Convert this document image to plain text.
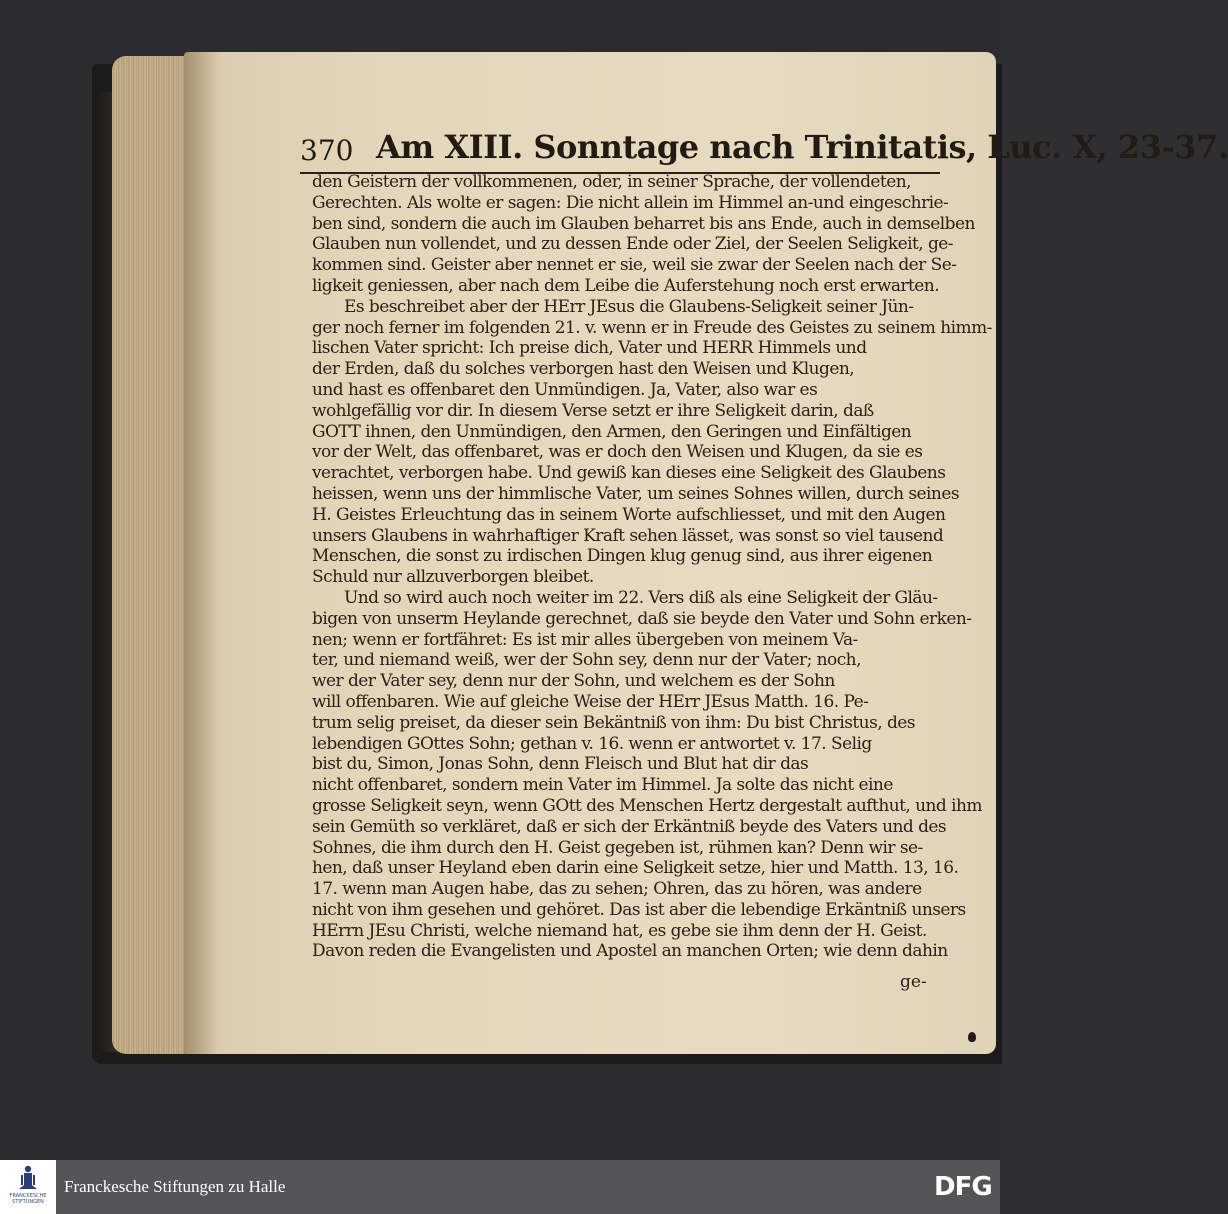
370 Am XIII. Sonntage nach Trinitatis, Luc. X, 23-37.
den Geistern der vollkommenen, oder, in seiner Sprache, der vollendeten,
Gerechten. Als wolte er sagen: Die nicht allein im Himmel an-und eingeschrie-
ben sind, sondern die auch im Glauben beharret bis ans Ende, auch in demselben
Glauben nun vollendet, und zu dessen Ende oder Ziel, der Seelen Seligkeit, ge-
kommen sind. Geister aber nennet er sie, weil sie zwar der Seelen nach der Se-
ligkeit geniessen, aber nach dem Leibe die Auferstehung noch erst erwarten.
Es beschreibet aber der HErr JEsus die Glaubens-Seligkeit seiner Jün-
ger noch ferner im folgenden 21. v. wenn er in Freude des Geistes zu seinem himm-
lischen Vater spricht: Ich preise dich, Vater und HERR Himmels und
der Erden, daß du solches verborgen hast den Weisen und Klugen,
und hast es offenbaret den Unmündigen. Ja, Vater, also war es
wohlgefällig vor dir. In diesem Verse setzt er ihre Seligkeit darin, daß
GOTT ihnen, den Unmündigen, den Armen, den Geringen und Einfältigen
vor der Welt, das offenbaret, was er doch den Weisen und Klugen, da sie es
verachtet, verborgen habe. Und gewiß kan dieses eine Seligkeit des Glaubens
heissen, wenn uns der himmlische Vater, um seines Sohnes willen, durch seines
H. Geistes Erleuchtung das in seinem Worte aufschliesset, und mit den Augen
unsers Glaubens in wahrhaftiger Kraft sehen lässet, was sonst so viel tausend
Menschen, die sonst zu irdischen Dingen klug genug sind, aus ihrer eigenen
Schuld nur allzuverborgen bleibet.
Und so wird auch noch weiter im 22. Vers diß als eine Seligkeit der Gläu-
bigen von unserm Heylande gerechnet, daß sie beyde den Vater und Sohn erken-
nen; wenn er fortfähret: Es ist mir alles übergeben von meinem Va-
ter, und niemand weiß, wer der Sohn sey, denn nur der Vater; noch,
wer der Vater sey, denn nur der Sohn, und welchem es der Sohn
will offenbaren. Wie auf gleiche Weise der HErr JEsus Matth. 16. Pe-
trum selig preiset, da dieser sein Bekäntniß von ihm: Du bist Christus, des
lebendigen GOttes Sohn; gethan v. 16. wenn er antwortet v. 17. Selig
bist du, Simon, Jonas Sohn, denn Fleisch und Blut hat dir das
nicht offenbaret, sondern mein Vater im Himmel. Ja solte das nicht eine
grosse Seligkeit seyn, wenn GOtt des Menschen Hertz dergestalt aufthut, und ihm
sein Gemüth so verkläret, daß er sich der Erkäntniß beyde des Vaters und des
Sohnes, die ihm durch den H. Geist gegeben ist, rühmen kan? Denn wir se-
hen, daß unser Heyland eben darin eine Seligkeit setze, hier und Matth. 13, 16.
17. wenn man Augen habe, das zu sehen; Ohren, das zu hören, was andere
nicht von ihm gesehen und gehöret. Das ist aber die lebendige Erkäntniß unsers
HErrn JEsu Christi, welche niemand hat, es gebe sie ihm denn der H. Geist.
Davon reden die Evangelisten und Apostel an manchen Orten; wie denn dahin
ge-
FRANCKESCHE
STIFTUNGEN
Franckesche Stiftungen zu Halle	DFG
